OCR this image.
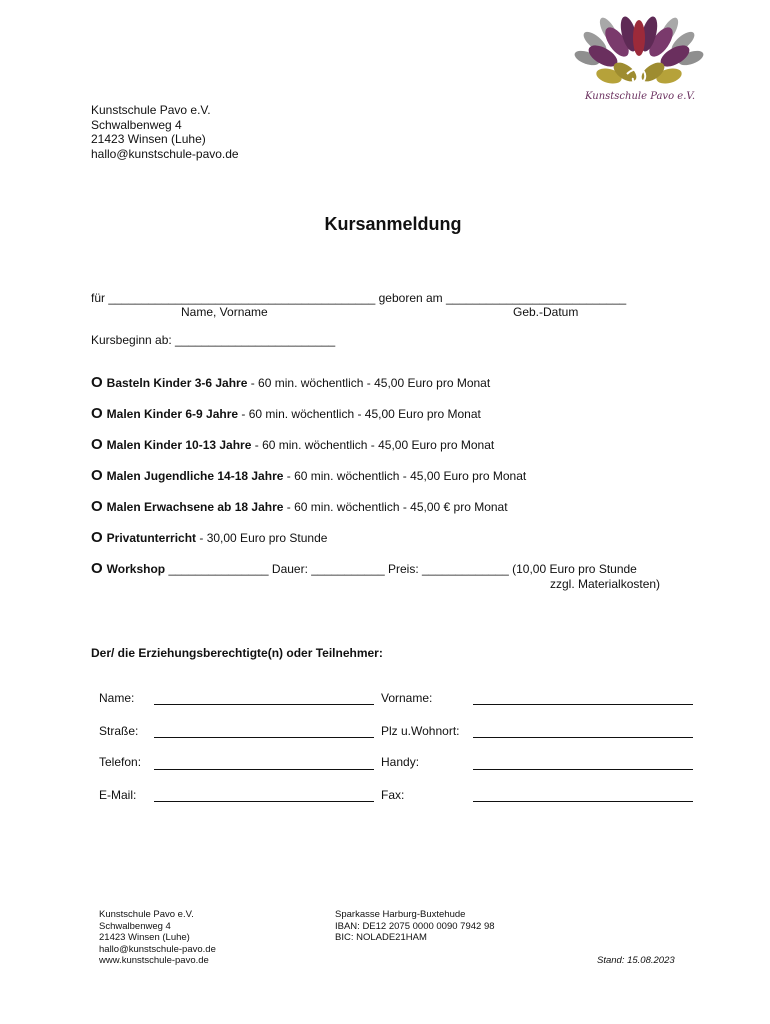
Kunstschule Pavo e.V.
Schwalbenweg 4
21423 Winsen (Luhe)
hallo@kunstschule-pavo.de
Kunstschule Pavo e.V.
Kursanmeldung
für ________________________________________ geboren am ___________________________
Name, Vorname	Geb.-Datum
Kursbeginn ab: ________________________
O Basteln Kinder 3-6 Jahre - 60 min. wöchentlich - 45,00 Euro pro Monat
O Malen Kinder 6-9 Jahre - 60 min. wöchentlich - 45,00 Euro pro Monat
O Malen Kinder 10-13 Jahre - 60 min. wöchentlich - 45,00 Euro pro Monat
O Malen Jugendliche 14-18 Jahre - 60 min. wöchentlich - 45,00 Euro pro Monat
O Malen Erwachsene ab 18 Jahre - 60 min. wöchentlich - 45,00 € pro Monat
O Privatunterricht - 30,00 Euro pro Stunde
O Workshop _______________ Dauer: ___________ Preis: _____________ (10,00 Euro pro Stunde
zzgl. Materialkosten)
Der/ die Erziehungsberechtigte(n) oder Teilnehmer:
Name:	Vorname:
Straße:	Plz u.Wohnort:
Telefon:	Handy:
E-Mail:	Fax:
Kunstschule Pavo e.V.
Schwalbenweg 4
21423 Winsen (Luhe)
hallo@kunstschule-pavo.de
www.kunstschule-pavo.de
Sparkasse Harburg-Buxtehude
IBAN: DE12 2075 0000 0090 7942 98
BIC: NOLADE21HAM
Stand: 15.08.2023
